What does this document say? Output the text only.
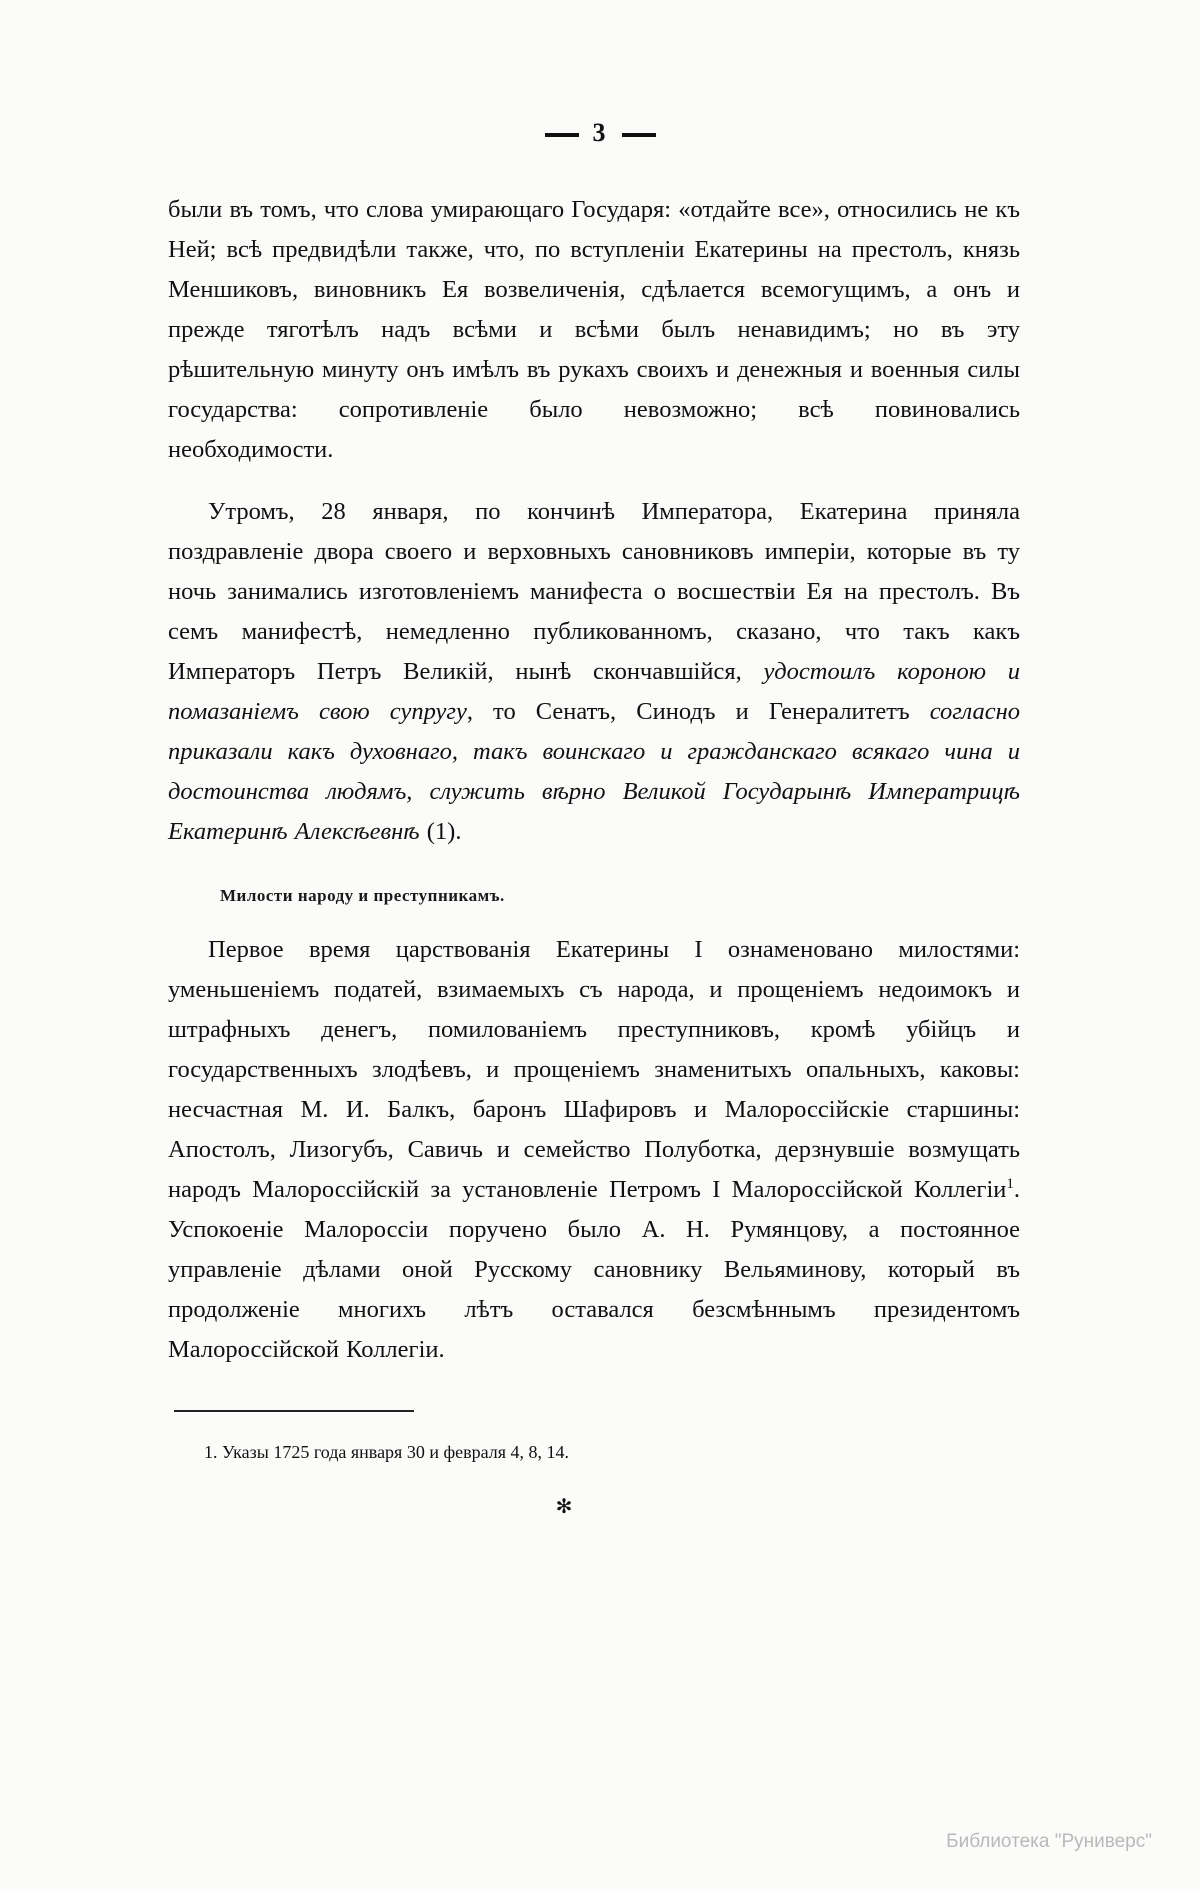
3

были въ томъ, что слова умирающаго Государя: «отдайте все», относились не къ Ней; всѣ предвидѣли также, что, по вступленіи Екатерины на престолъ, князь Меншиковъ, виновникъ Ея возвеличенія, сдѣлается всемогущимъ, а онъ и прежде тяготѣлъ надъ всѣми и всѣми былъ ненавидимъ; но въ эту рѣшительную минуту онъ имѣлъ въ рукахъ своихъ и денежныя и военныя силы государства: сопротивленіе было невозможно; всѣ повиновались необходимости.

Утромъ, 28 января, по кончинѣ Императора, Екатерина приняла поздравленіе двора своего и верховныхъ сановниковъ имперіи, которые въ ту ночь занимались изготовленіемъ манифеста о восшествіи Ея на престолъ. Въ семъ манифестѣ, немедленно публикованномъ, сказано, что такъ какъ Императоръ Петръ Великій, нынѣ скончавшійся, удостоилъ короною и помазаніемъ свою супругу, то Сенатъ, Синодъ и Генералитетъ согласно приказали какъ духовнаго, такъ воинскаго и гражданскаго всякаго чина и достоинства людямъ, служить вѣрно Великой Государынѣ Императрицѣ Екатеринѣ Алексѣевнѣ (1).

Милости народу и преступникамъ.

Первое время царствованія Екатерины I ознаменовано милостями: уменьшеніемъ податей, взимаемыхъ съ народа, и прощеніемъ недоимокъ и штрафныхъ денегъ, помилованіемъ преступниковъ, кромѣ убійцъ и государственныхъ злодѣевъ, и прощеніемъ знаменитыхъ опальныхъ, каковы: несчастная М. И. Балкъ, баронъ Шафировъ и Малороссійскіе старшины: Апостолъ, Лизогубъ, Савичь и семейство Полуботка, дерзнувшіе возмущать народъ Малороссійскій за установленіе Петромъ I Малороссійской Коллегіи$^1$. Успокоеніе Малороссіи поручено было А. Н. Румянцову, а постоянное управленіе дѣлами оной Русскому сановнику Вельяминову, который въ продолженіе многихъ лѣтъ оставался безсмѣннымъ президентомъ Малороссійской Коллегіи.

1. Указы 1725 года января 30 и февраля 4, 8, 14.
✻
Библиотека "Руниверс"
